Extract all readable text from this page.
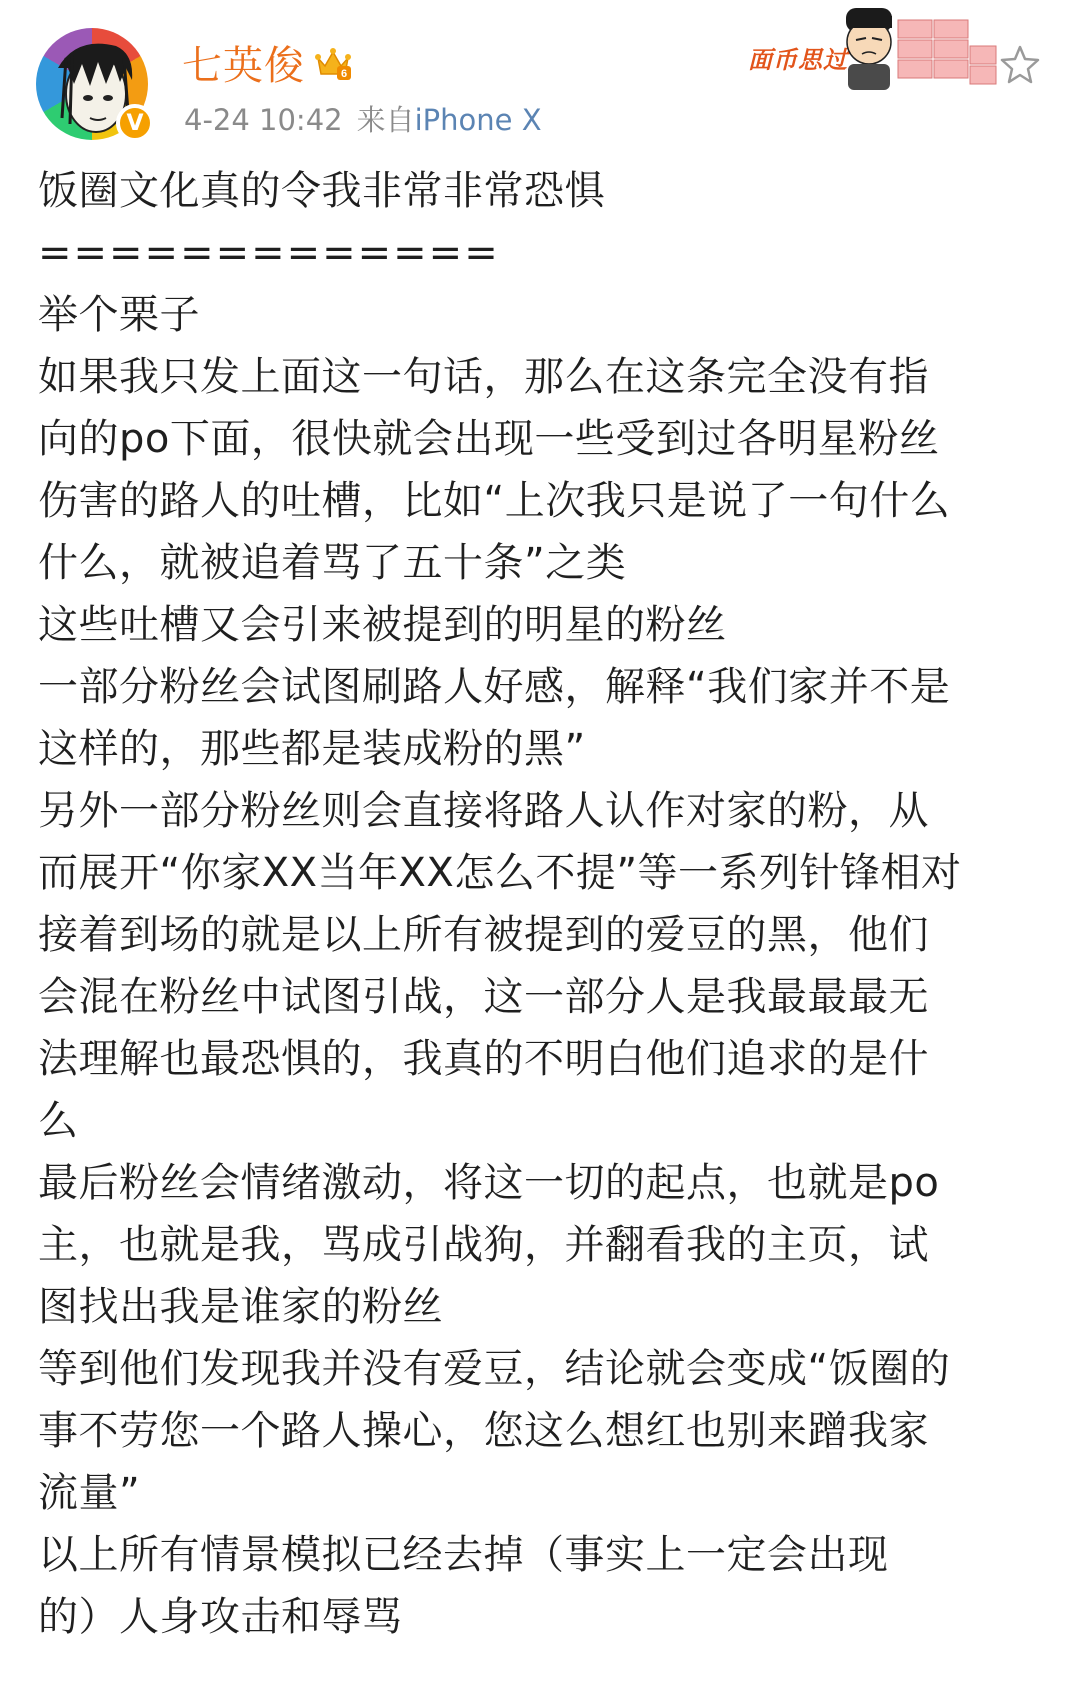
V
七英俊	6
4-24 10:42 来自iPhone X
面币思过
饭圈文化真的令我非常非常恐惧
=============
举个栗子
如果我只发上面这一句话，那么在这条完全没有指
向的po下面，很快就会出现一些受到过各明星粉丝
伤害的路人的吐槽，比如“上次我只是说了一句什么
什么，就被追着骂了五十条”之类
这些吐槽又会引来被提到的明星的粉丝
一部分粉丝会试图刷路人好感，解释“我们家并不是
这样的，那些都是装成粉的黑”
另外一部分粉丝则会直接将路人认作对家的粉，从
而展开“你家XX当年XX怎么不提”等一系列针锋相对
接着到场的就是以上所有被提到的爱豆的黑，他们
会混在粉丝中试图引战，这一部分人是我最最最无
法理解也最恐惧的，我真的不明白他们追求的是什
么
最后粉丝会情绪激动，将这一切的起点，也就是po
主，也就是我，骂成引战狗，并翻看我的主页，试
图找出我是谁家的粉丝
等到他们发现我并没有爱豆，结论就会变成“饭圈的
事不劳您一个路人操心，您这么想红也别来蹭我家
流量”
以上所有情景模拟已经去掉（事实上一定会出现
的）人身攻击和辱骂
